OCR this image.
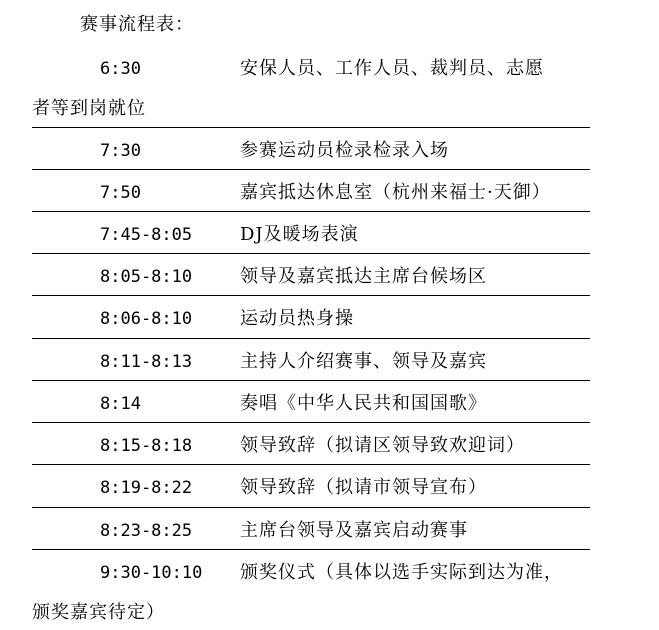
赛事流程表：
6:30	安保人员、工作人员、裁判员、志愿
者等到岗就位
7:30	参赛运动员检录检录入场
7:50	嘉宾抵达休息室（杭州来福士·天御）
7:45-8:05	DJ及暖场表演
8:05-8:10	领导及嘉宾抵达主席台候场区
8:06-8:10	运动员热身操
8:11-8:13	主持人介绍赛事、领导及嘉宾
8:14	奏唱《中华人民共和国国歌》
8:15-8:18	领导致辞（拟请区领导致欢迎词）
8:19-8:22	领导致辞（拟请市领导宣布）
8:23-8:25	主席台领导及嘉宾启动赛事
9:30-10:10 颁奖仪式（具体以选手实际到达为准，
颁奖嘉宾待定）
